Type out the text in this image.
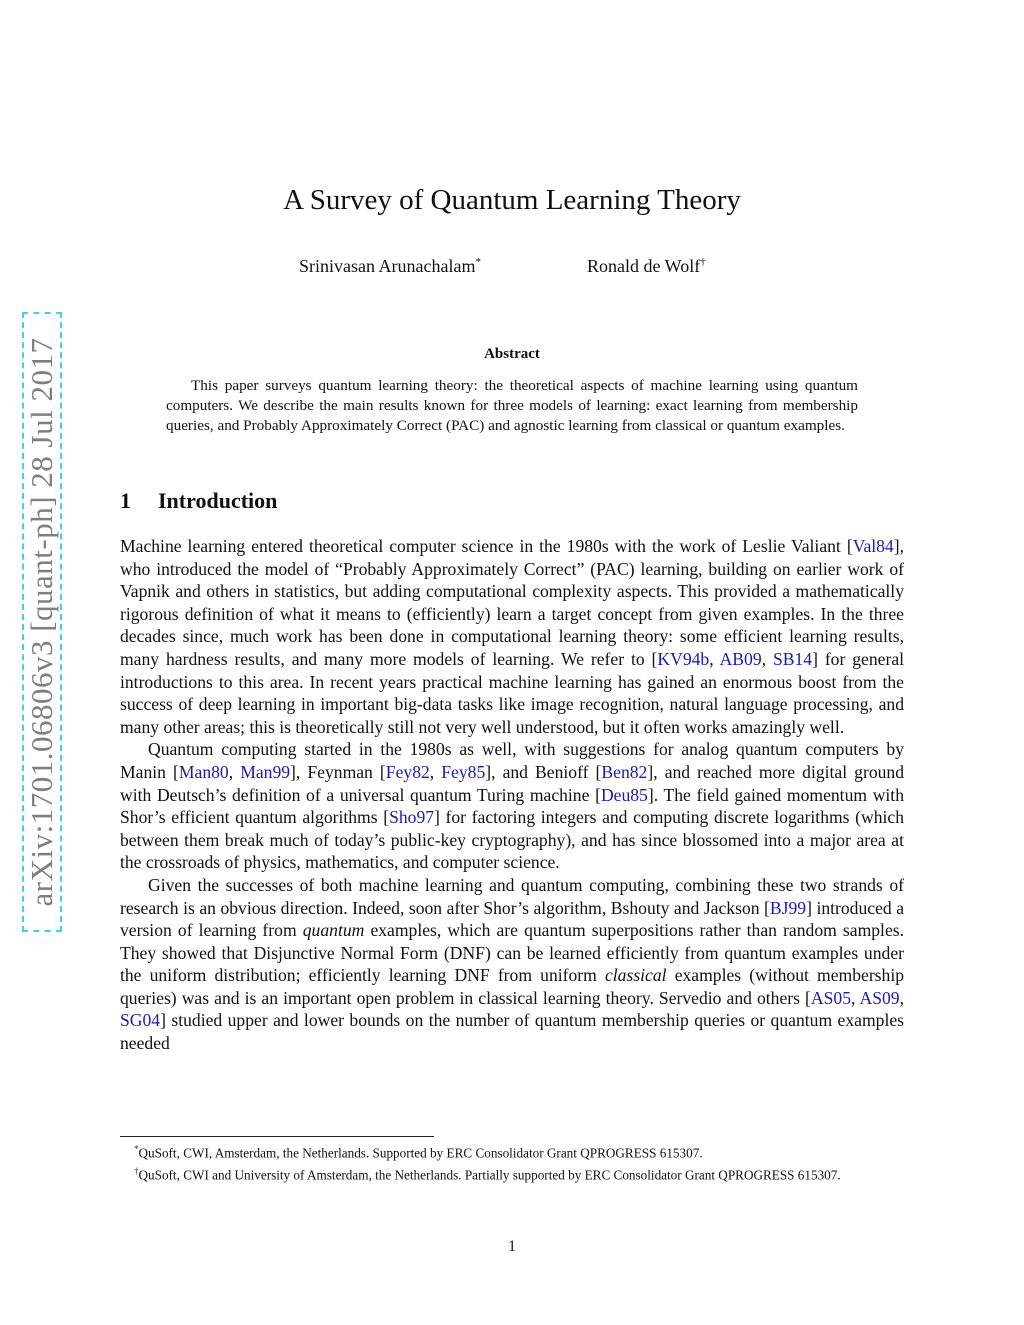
arXiv:1701.06806v3 [quant-ph] 28 Jul 2017
A Survey of Quantum Learning Theory
Srinivasan Arunachalam*	Ronald de Wolf†
Abstract

This paper surveys quantum learning theory: the theoretical aspects of machine learning using quantum computers. We describe the main results known for three models of learning: exact learning from membership queries, and Probably Approximately Correct (PAC) and agnostic learning from classical or quantum examples.

1 Introduction

Machine learning entered theoretical computer science in the 1980s with the work of Leslie Valiant [Val84], who introduced the model of “Probably Approximately Correct” (PAC) learning, building on earlier work of Vapnik and others in statistics, but adding computational complexity aspects. This provided a mathematically rigorous definition of what it means to (efficiently) learn a target concept from given examples. In the three decades since, much work has been done in computational learning theory: some efficient learning results, many hardness results, and many more models of learning. We refer to [KV94b, AB09, SB14] for general introductions to this area. In recent years practical machine learning has gained an enormous boost from the success of deep learning in important big-data tasks like image recognition, natural language processing, and many other areas; this is theoretically still not very well understood, but it often works amazingly well.

Quantum computing started in the 1980s as well, with suggestions for analog quantum computers by Manin [Man80, Man99], Feynman [Fey82, Fey85], and Benioff [Ben82], and reached more digital ground with Deutsch’s definition of a universal quantum Turing machine [Deu85]. The field gained momentum with Shor’s efficient quantum algorithms [Sho97] for factoring integers and computing discrete logarithms (which between them break much of today’s public-key cryptography), and has since blossomed into a major area at the crossroads of physics, mathematics, and computer science.

Given the successes of both machine learning and quantum computing, combining these two strands of research is an obvious direction. Indeed, soon after Shor’s algorithm, Bshouty and Jackson [BJ99] introduced a version of learning from quantum examples, which are quantum superpositions rather than random samples. They showed that Disjunctive Normal Form (DNF) can be learned efficiently from quantum examples under the uniform distribution; efficiently learning DNF from uniform classical examples (without membership queries) was and is an important open problem in classical learning theory. Servedio and others [AS05, AS09, SG04] studied upper and lower bounds on the number of quantum membership queries or quantum examples needed

*QuSoft, CWI, Amsterdam, the Netherlands. Supported by ERC Consolidator Grant QPROGRESS 615307.

†QuSoft, CWI and University of Amsterdam, the Netherlands. Partially supported by ERC Consolidator Grant QPROGRESS 615307.

1
